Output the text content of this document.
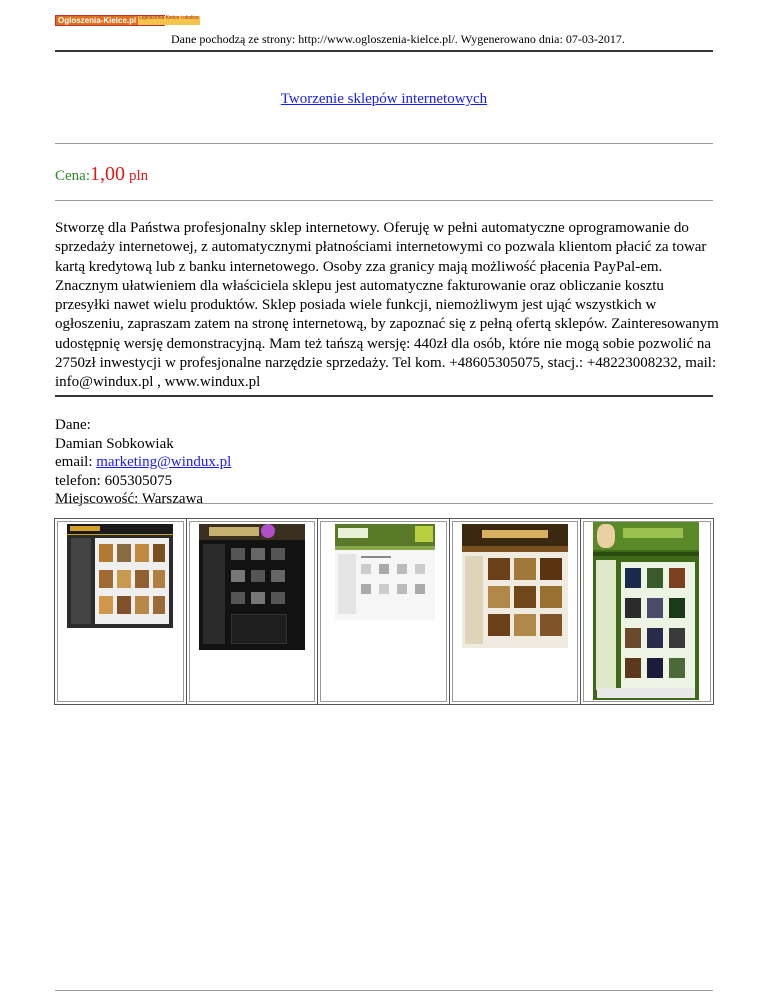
Ogloszenia-Kielce.pl Ogłoszenia Kielce i okolice
Dane pochodzą ze strony: http://www.ogloszenia-kielce.pl/. Wygenerowano dnia: 07-03-2017.
Tworzenie sklepów internetowych
Cena:1,00 pln
Stworzę dla Państwa profesjonalny sklep internetowy. Oferuję w pełni automatyczne oprogramowanie do sprzedaży internetowej, z automatycznymi płatnościami internetowymi co pozwala klientom płacić za towar kartą kredytową lub z banku internetowego. Osoby zza granicy mają możliwość płacenia PayPal-em. Znacznym ułatwieniem dla właściciela sklepu jest automatyczne fakturowanie oraz obliczanie kosztu przesyłki nawet wielu produktów. Sklep posiada wiele funkcji, niemożliwym jest ująć wszystkich w ogłoszeniu, zapraszam zatem na stronę internetową, by zapoznać się z pełną ofertą sklepów. Zainteresowanym udostępnię wersję demonstracyjną. Mam też tańszą wersję: 440zł dla osób, które nie mogą sobie pozwolić na 2750zł inwestycji w profesjonalne narzędzie sprzedaży. Tel kom. +48605305075, stacj.: +48223008232, mail: info@windux.pl , www.windux.pl
Dane:
Damian Sobkowiak
email: marketing@windux.pl
telefon: 605305075
Miejscowość: Warszawa
